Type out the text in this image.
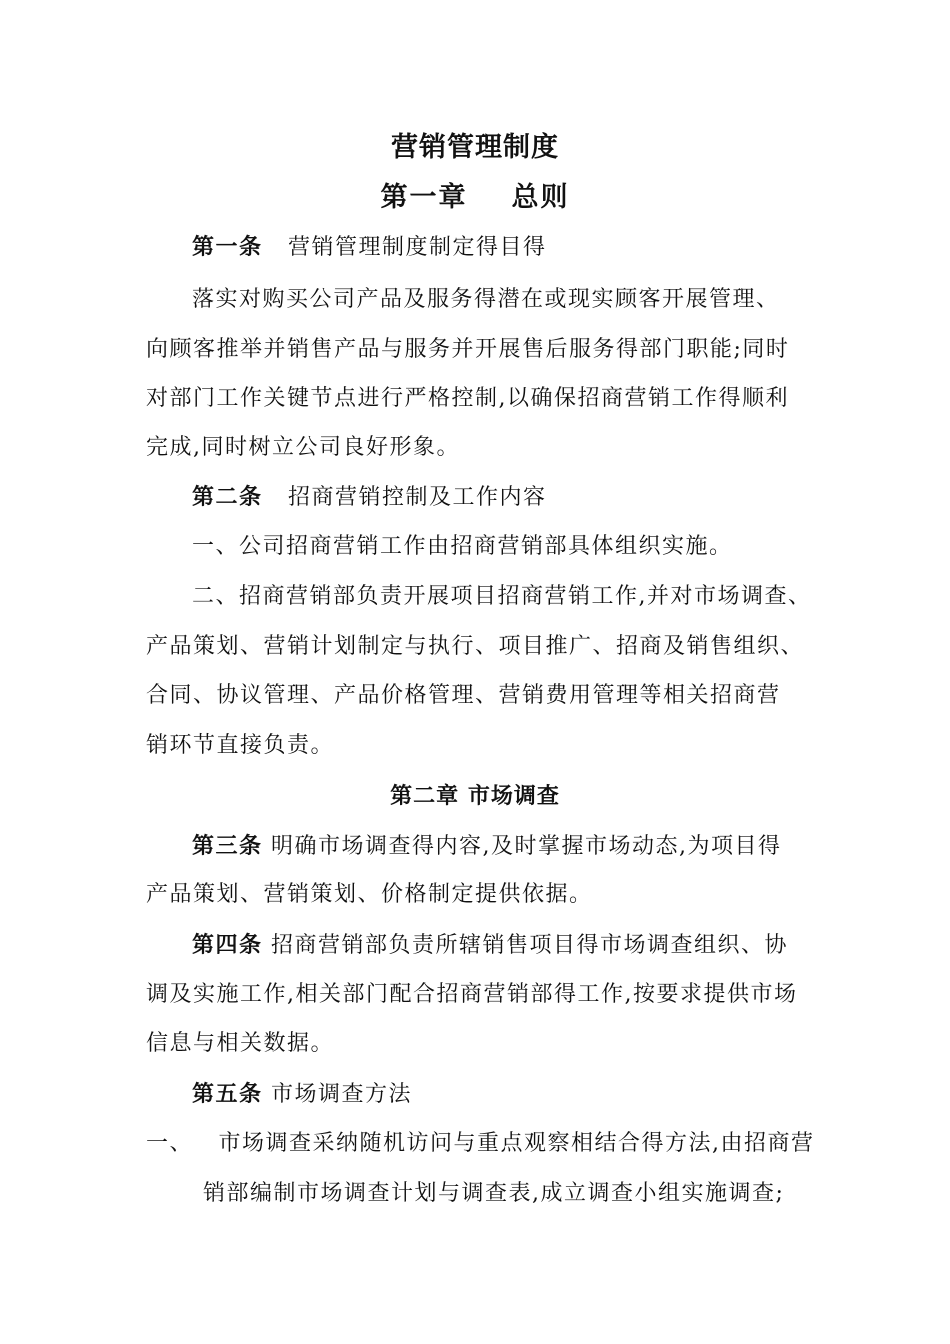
营销管理制度
第一章 总则
第一条 营销管理制度制定得目得
落实对购买公司产品及服务得潜在或现实顾客开展管理、
向顾客推举并销售产品与服务并开展售后服务得部门职能;同时
对部门工作关键节点进行严格控制,以确保招商营销工作得顺利
完成,同时树立公司良好形象。
第二条 招商营销控制及工作内容
一、公司招商营销工作由招商营销部具体组织实施。
二、招商营销部负责开展项目招商营销工作,并对市场调查、
产品策划、营销计划制定与执行、项目推广、招商及销售组织、
合同、协议管理、产品价格管理、营销费用管理等相关招商营
销环节直接负责。
第二章 市场调查
第三条 明确市场调查得内容,及时掌握市场动态,为项目得
产品策划、营销策划、价格制定提供依据。
第四条 招商营销部负责所辖销售项目得市场调查组织、协
调及实施工作,相关部门配合招商营销部得工作,按要求提供市场
信息与相关数据。
第五条 市场调查方法
一、 市场调查采纳随机访问与重点观察相结合得方法,由招商营
销部编制市场调查计划与调查表,成立调查小组实施调查;
